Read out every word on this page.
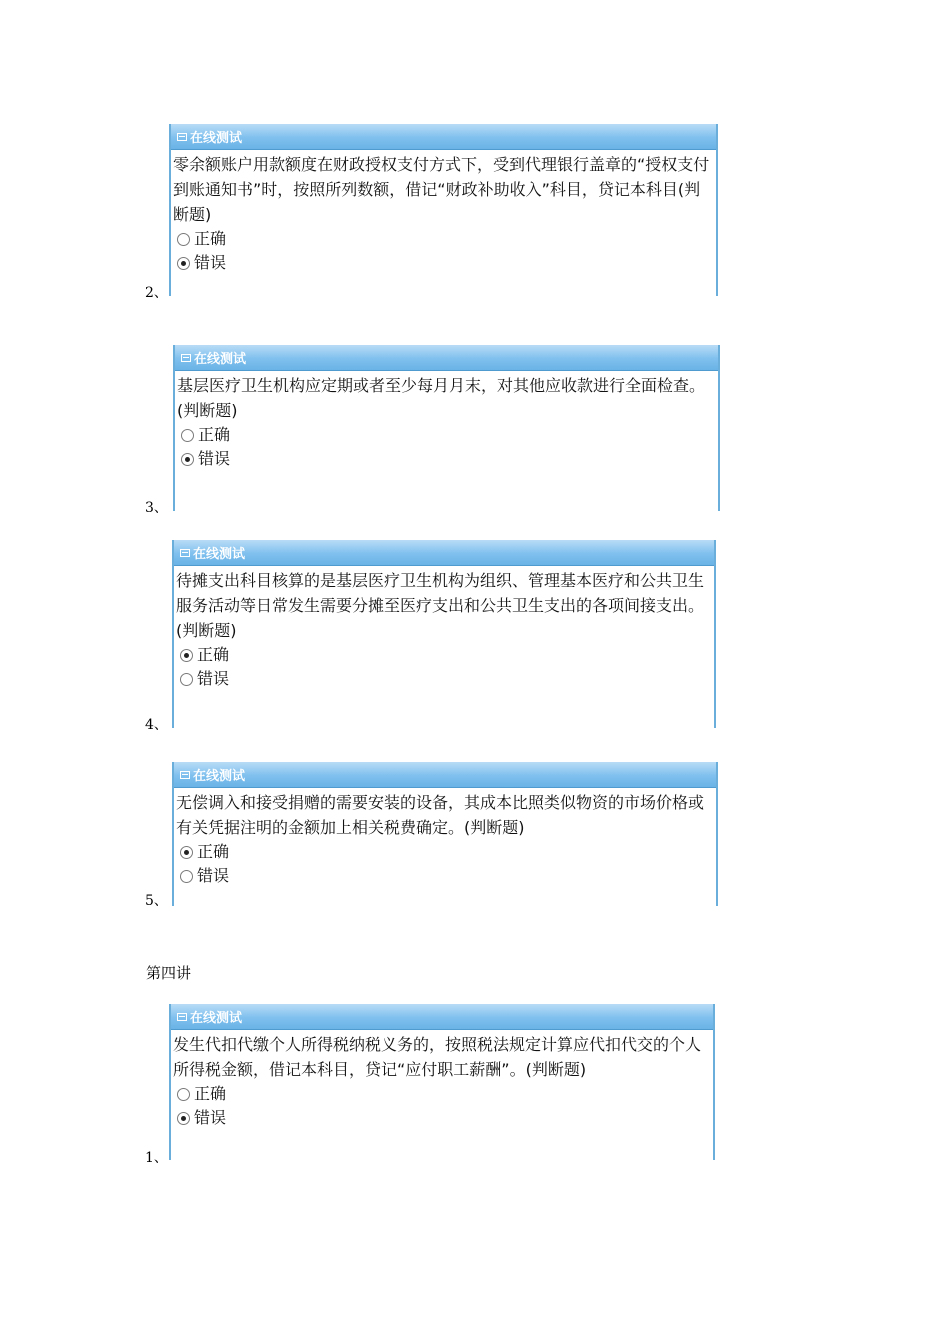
2、
在线测试

零余额账户用款额度在财政授权支付方式下，受到代理银行盖章的“授权支付到账通知书”时，按照所列数额，借记“财政补助收入”科目，贷记本科目(判断题)

正确
错误
3、
在线测试

基层医疗卫生机构应定期或者至少每月月末，对其他应收款进行全面检查。(判断题)

正确
错误
4、
在线测试

待摊支出科目核算的是基层医疗卫生机构为组织、管理基本医疗和公共卫生服务活动等日常发生需要分摊至医疗支出和公共卫生支出的各项间接支出。(判断题)

正确
错误
5、
在线测试

无偿调入和接受捐赠的需要安装的设备，其成本比照类似物资的市场价格或有关凭据注明的金额加上相关税费确定。(判断题)

正确
错误
第四讲
1、
在线测试

发生代扣代缴个人所得税纳税义务的，按照税法规定计算应代扣代交的个人所得税金额，借记本科目，贷记“应付职工薪酬”。(判断题)

正确
错误
